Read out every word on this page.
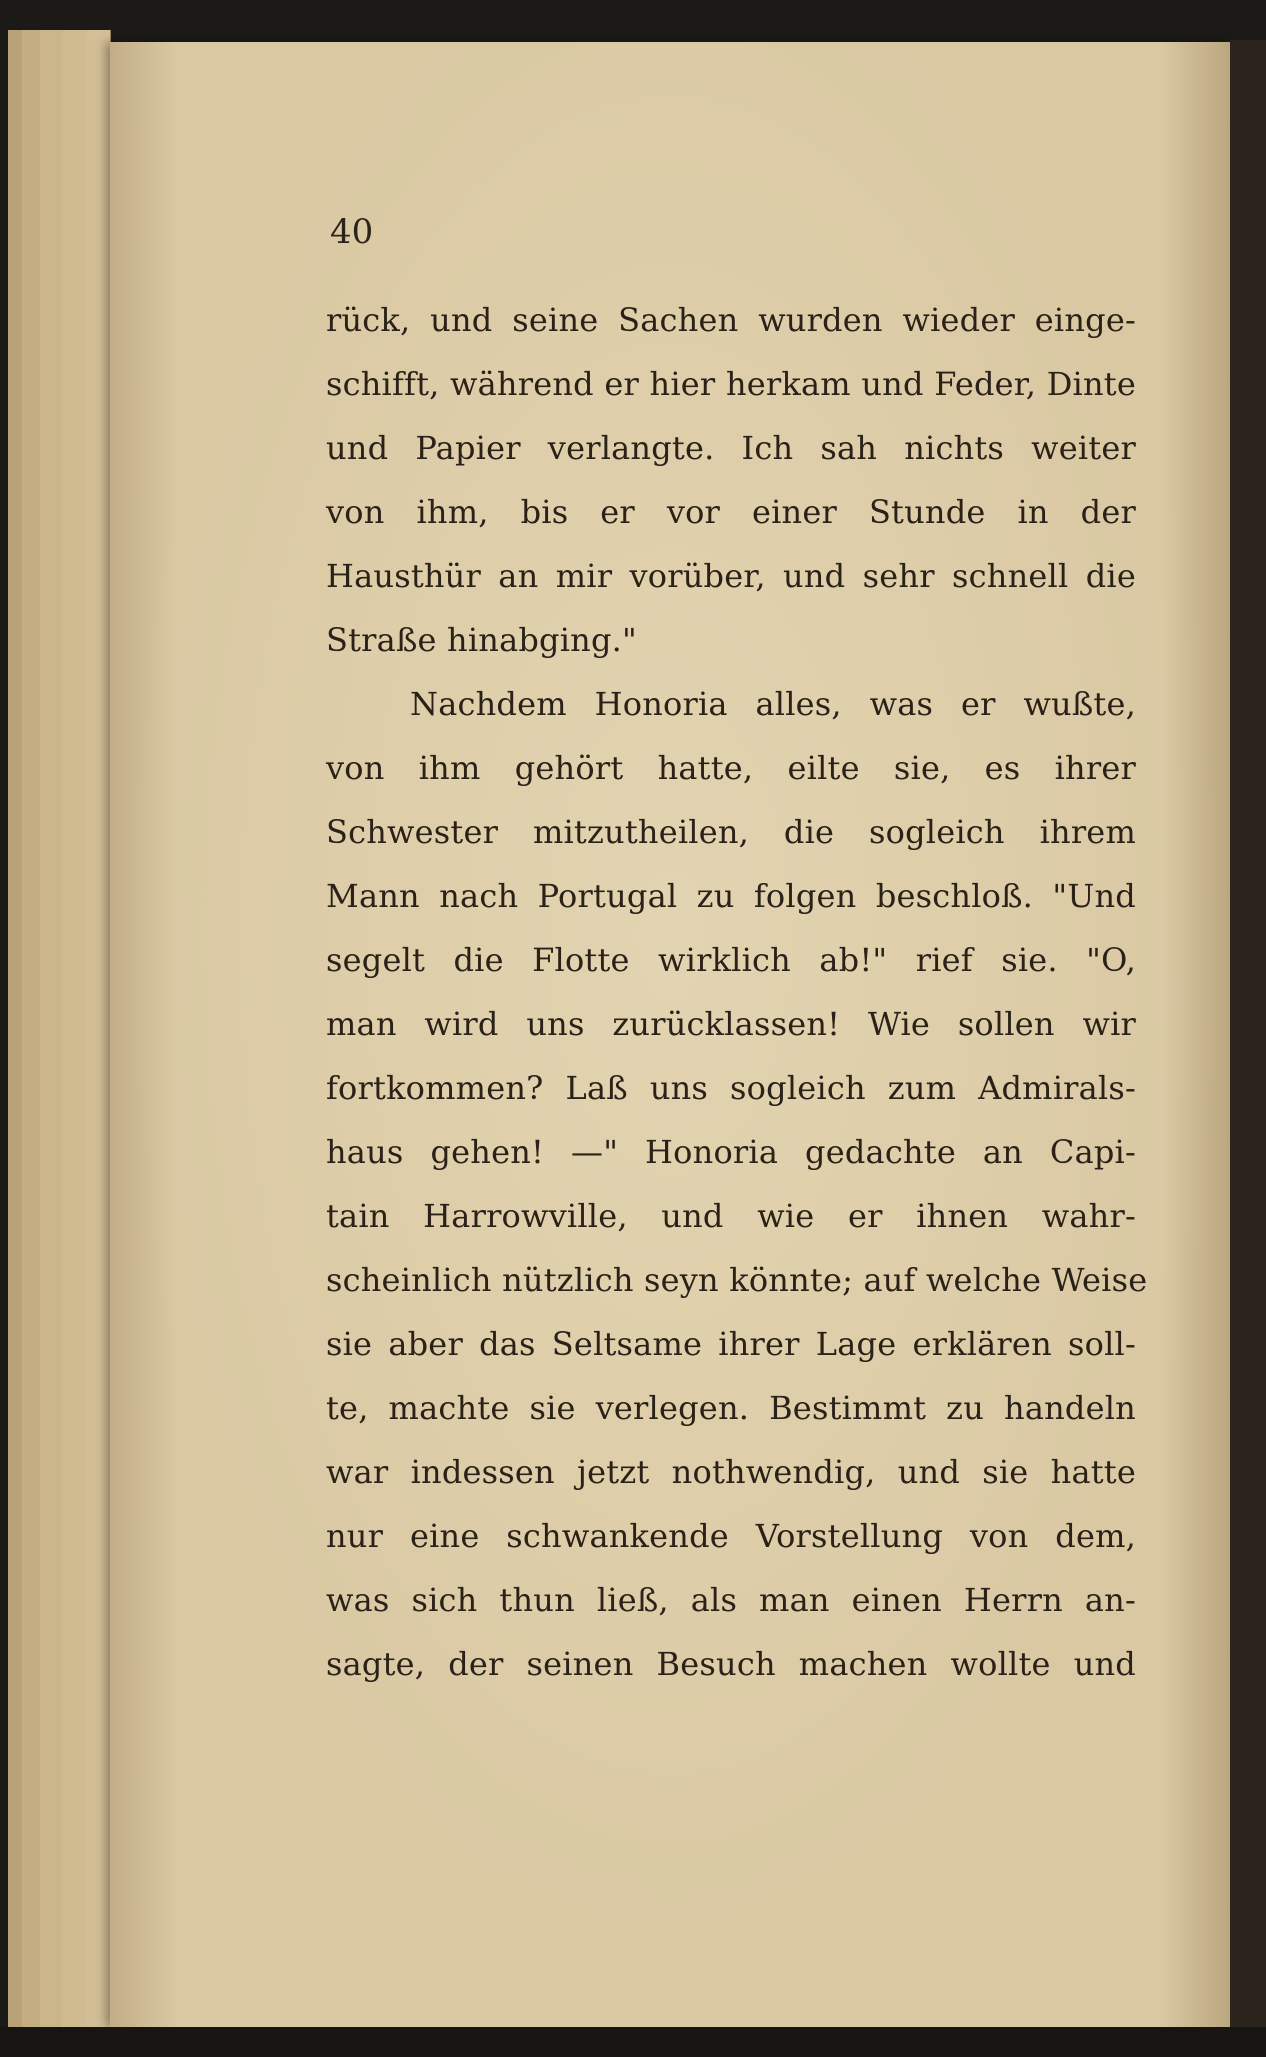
40
rück, und seine Sachen wurden wieder einge-
schifft, während er hier herkam und Feder, Dinte
und Papier verlangte. Ich sah nichts weiter
von ihm, bis er vor einer Stunde in der
Hausthür an mir vorüber, und sehr schnell die
Straße hinabging."
Nachdem Honoria alles, was er wußte,
von ihm gehört hatte, eilte sie, es ihrer
Schwester mitzutheilen, die sogleich ihrem
Mann nach Portugal zu folgen beschloß. "Und
segelt die Flotte wirklich ab!" rief sie. "O,
man wird uns zurücklassen! Wie sollen wir
fortkommen? Laß uns sogleich zum Admirals-
haus gehen! —" Honoria gedachte an Capi-
tain Harrowville, und wie er ihnen wahr-
scheinlich nützlich seyn könnte; auf welche Weise
sie aber das Seltsame ihrer Lage erklären soll-
te, machte sie verlegen. Bestimmt zu handeln
war indessen jetzt nothwendig, und sie hatte
nur eine schwankende Vorstellung von dem,
was sich thun ließ, als man einen Herrn an-
sagte, der seinen Besuch machen wollte und
